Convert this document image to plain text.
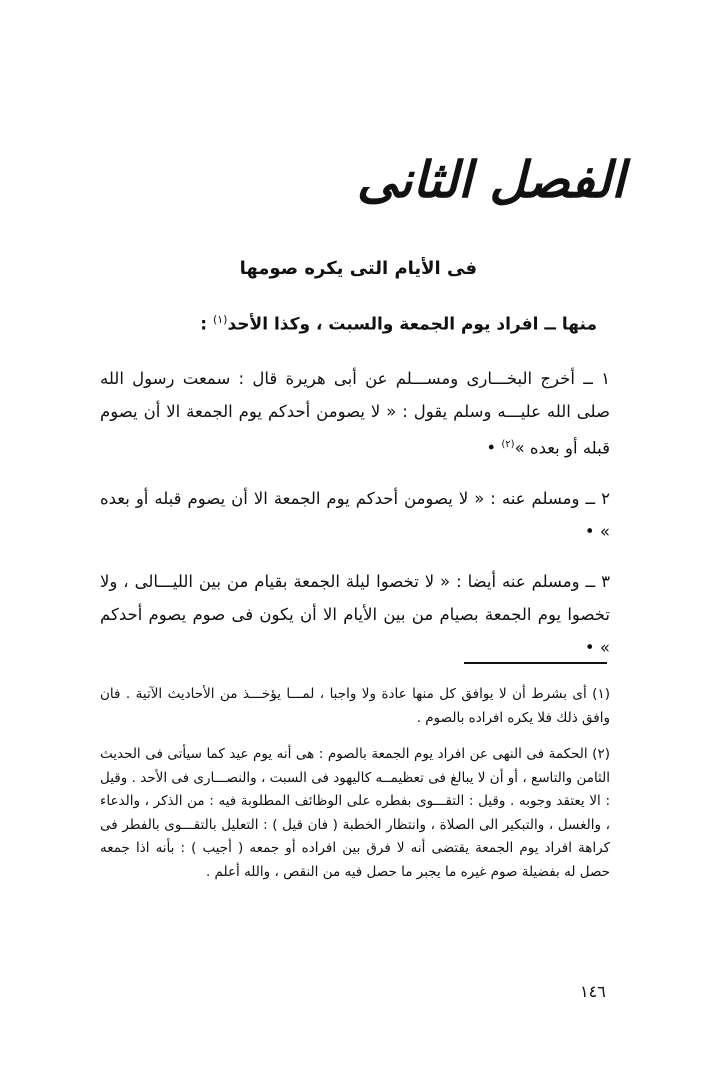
الفصل الثانى
فى الأيام التى يكره صومها
منها ــ افراد يوم الجمعة والسبت ، وكذا الأحد$^{(١)}$ :
١ ــ أخرج البخـــارى ومســـلم عن أبى هريرة قال : سمعت رسول الله صلى الله عليـــه وسلم يقول : « لا يصومن أحدكم يوم الجمعة الا أن يصوم قبله أو بعده »$^{(٢)}$ •
٢ ــ ومسلم عنه : « لا يصومن أحدكم يوم الجمعة الا أن يصوم قبله أو بعده » •
٣ ــ ومسلم عنه أيضا : « لا تخصوا ليلة الجمعة بقيام من بين الليـــالى ، ولا تخصوا يوم الجمعة بصيام من بين الأيام الا أن يكون فى صوم يصوم أحدكم » •
(١) أى بشرط أن لا يوافق كل منها عادة ولا واجبا ، لمـــا يؤخـــذ من الأحاديث الآتية . فان وافق ذلك فلا يكره افراده بالصوم .
(٢) الحكمة فى النهى عن افراد يوم الجمعة بالصوم : هى أنه يوم عيد كما سيأتى فى الحديث الثامن والتاسع ، أو أن لا يبالغ فى تعظيمــه كاليهود فى السبت ، والنصـــارى فى الأحد . وقيل : الا يعتقد وجوبه . وقيل : التقـــوى بفطره على الوظائف المطلوبة فيه : من الذكر ، والدعاء ، والغسل ، والتبكير الى الصلاة ، وانتظار الخطبة ( فان قيل ) : التعليل بالتقـــوى بالفطر فى كراهة افراد يوم الجمعة يقتضى أنه لا فرق بين افراده أو جمعه ( أجيب ) : بأنه اذا جمعه حصل له بفضيلة صوم غيره ما يجبر ما حصل فيه من النقص ، والله أعلم .
١٤٦
